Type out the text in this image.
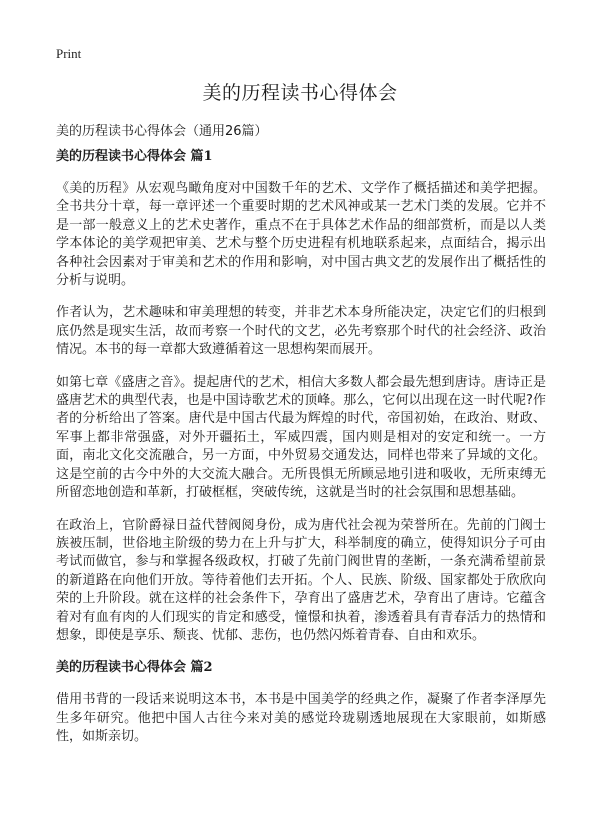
Print
美的历程读书心得体会

美的历程读书心得体会（通用26篇）

美的历程读书心得体会 篇1

《美的历程》从宏观鸟瞰角度对中国数千年的艺术、文学作了概括描述和美学把握。全书共分十章，每一章评述一个重要时期的艺术风神或某一艺术门类的发展。它并不是一部一般意义上的艺术史著作，重点不在于具体艺术作品的细部赏析，而是以人类学本体论的美学观把审美、艺术与整个历史进程有机地联系起来，点面结合，揭示出各种社会因素对于审美和艺术的作用和影响，对中国古典文艺的发展作出了概括性的分析与说明。

作者认为，艺术趣味和审美理想的转变，并非艺术本身所能决定，决定它们的归根到底仍然是现实生活，故而考察一个时代的文艺，必先考察那个时代的社会经济、政治情况。本书的每一章都大致遵循着这一思想构架而展开。

如第七章《盛唐之音》。提起唐代的艺术，相信大多数人都会最先想到唐诗。唐诗正是盛唐艺术的典型代表，也是中国诗歌艺术的顶峰。那么，它何以出现在这一时代呢?作者的分析给出了答案。唐代是中国古代最为辉煌的时代，帝国初始，在政治、财政、军事上都非常强盛，对外开疆拓土，军威四震，国内则是相对的安定和统一。一方面，南北文化交流融合，另一方面，中外贸易交通发达，同样也带来了异域的文化。这是空前的古今中外的大交流大融合。无所畏惧无所顾忌地引进和吸收，无所束缚无所留恋地创造和革新，打破框框，突破传统，这就是当时的社会氛围和思想基础。

在政治上，官阶爵禄日益代替阀阅身份，成为唐代社会视为荣誉所在。先前的门阀士族被压制，世俗地主阶级的势力在上升与扩大，科举制度的确立，使得知识分子可由考试而做官，参与和掌握各级政权，打破了先前门阀世胄的垄断，一条充满希望前景的新道路在向他们开放。等待着他们去开拓。个人、民族、阶级、国家都处于欣欣向荣的上升阶段。就在这样的社会条件下，孕育出了盛唐艺术，孕育出了唐诗。它蕴含着对有血有肉的人们现实的肯定和感受，憧憬和执着，渗透着具有青春活力的热情和想象，即使是享乐、颓丧、忧郁、悲伤，也仍然闪烁着青春、自由和欢乐。

美的历程读书心得体会 篇2

借用书背的一段话来说明这本书，本书是中国美学的经典之作，凝聚了作者李泽厚先生多年研究。他把中国人古往今来对美的感觉玲珑剔透地展现在大家眼前，如斯感性，如斯亲切。
